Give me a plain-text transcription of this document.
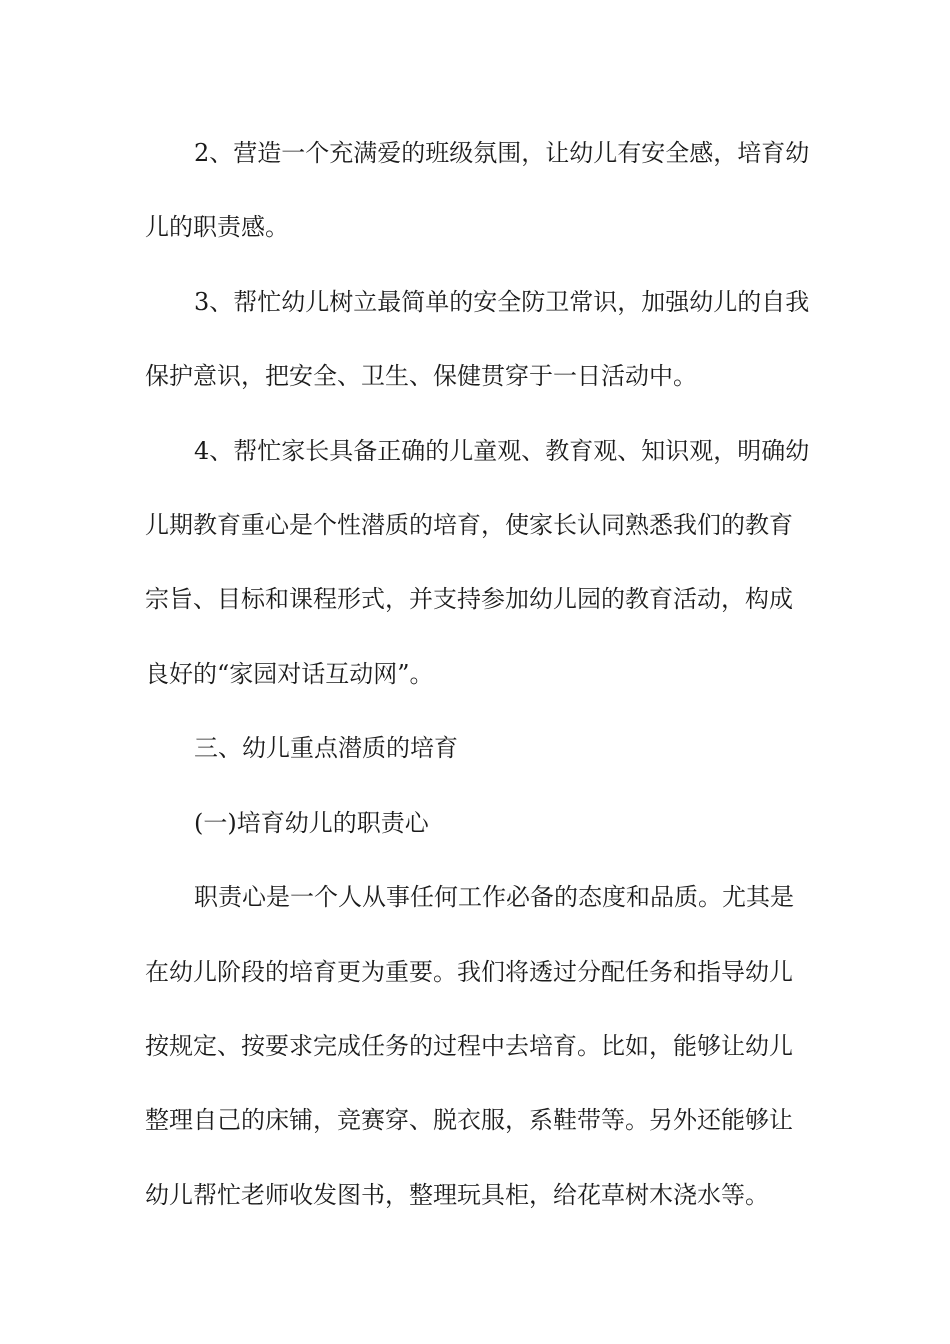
2、营造一个充满爱的班级氛围，让幼儿有安全感，培育幼
儿的职责感。
3、帮忙幼儿树立最简单的安全防卫常识，加强幼儿的自我
保护意识，把安全、卫生、保健贯穿于一日活动中。
4、帮忙家长具备正确的儿童观、教育观、知识观，明确幼
儿期教育重心是个性潜质的培育，使家长认同熟悉我们的教育
宗旨、目标和课程形式，并支持参加幼儿园的教育活动，构成
良好的“家园对话互动网”。
三、幼儿重点潜质的培育
(一)培育幼儿的职责心
职责心是一个人从事任何工作必备的态度和品质。尤其是
在幼儿阶段的培育更为重要。我们将透过分配任务和指导幼儿
按规定、按要求完成任务的过程中去培育。比如，能够让幼儿
整理自己的床铺，竞赛穿、脱衣服，系鞋带等。另外还能够让
幼儿帮忙老师收发图书，整理玩具柜，给花草树木浇水等。
